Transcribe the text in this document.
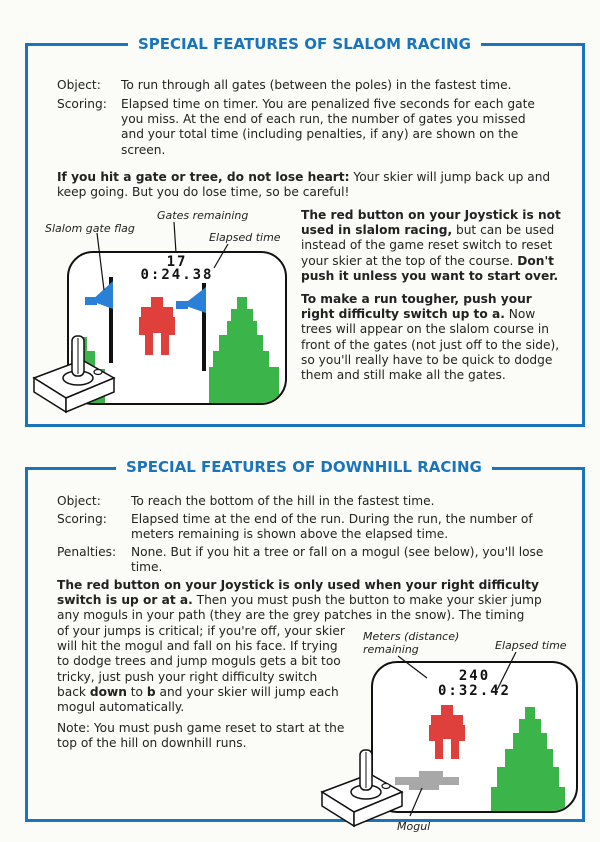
SPECIAL FEATURES OF SLALOM RACING
Object: To run through all gates (between the poles) in the fastest time.
Scoring: Elapsed time on timer. You are penalized five seconds for each gate you miss. At the end of each run, the number of gates you missed and your total time (including penalties, if any) are shown on the screen.
If you hit a gate or tree, do not lose heart: Your skier will jump back up and keep going. But you do lose time, so be careful!
The red button on your Joystick is not used in slalom racing, but can be used instead of the game reset switch to reset your skier at the top of the course. Don't push it unless you want to start over.
To make a run tougher, push your right difficulty switch up to a. Now trees will appear on the slalom course in front of the gates (not just off to the side), so you'll really have to be quick to dodge them and still make all the gates.
Gates remaining
Slalom gate flag
Elapsed time
17
0:24.38
SPECIAL FEATURES OF DOWNHILL RACING
Object: To reach the bottom of the hill in the fastest time.
Scoring: Elapsed time at the end of the run. During the run, the number of meters remaining is shown above the elapsed time.
Penalties: None. But if you hit a tree or fall on a mogul (see below), you'll lose time.
The red button on your Joystick is only used when your right difficulty switch is up or at a. Then you must push the button to make your skier jump any moguls in your path (they are the grey patches in the snow). The timing
of your jumps is critical; if you're off, your skier will hit the mogul and fall on his face. If trying to dodge trees and jump moguls gets a bit too tricky, just push your right difficulty switch back down to b and your skier will jump each mogul automatically.
Note: You must push game reset to start at the top of the hill on downhill runs.
Meters (distance)
remaining	Elapsed time
Mogul
240
0:32.42
